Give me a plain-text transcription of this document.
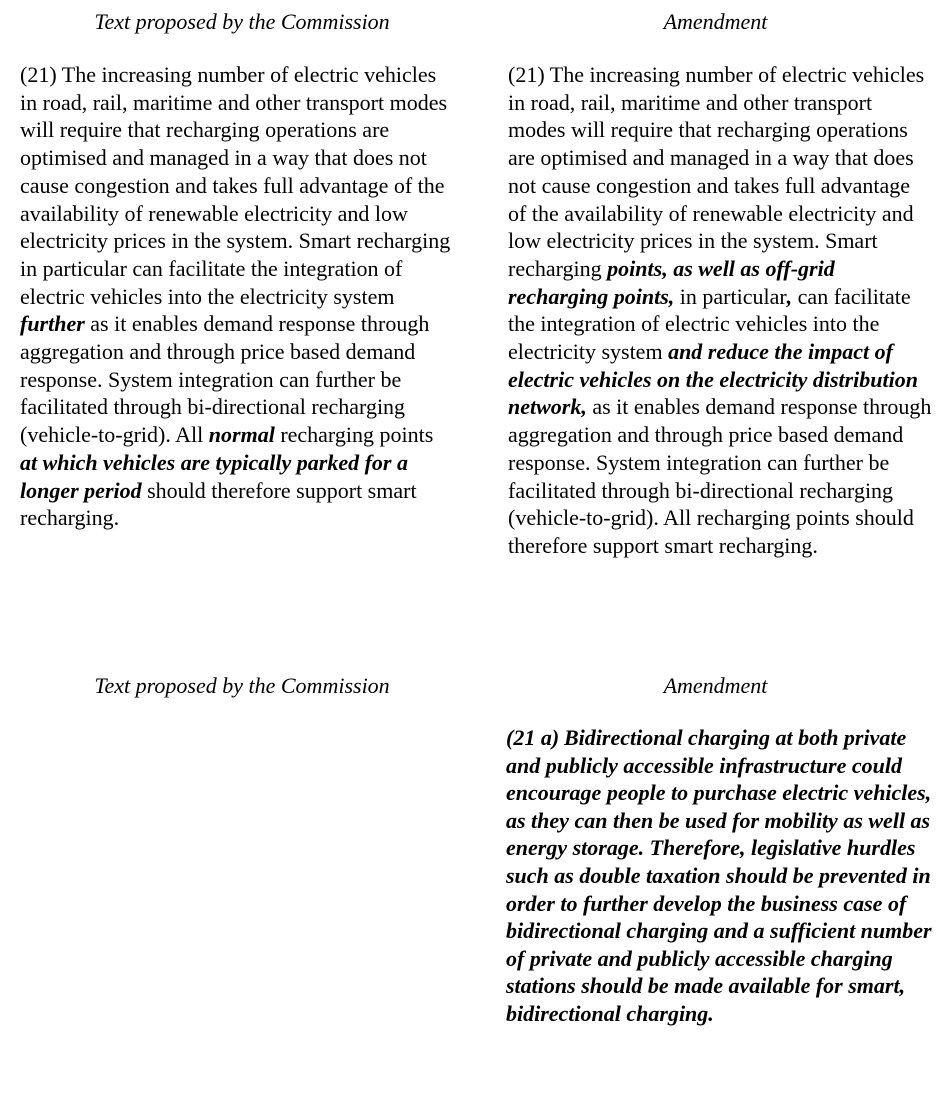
Text proposed by the Commission	Amendment

(21) The increasing number of electric vehicles in road, rail, maritime and other transport modes will require that recharging operations are optimised and managed in a way that does not cause congestion and takes full advantage of the availability of renewable electricity and low electricity prices in the system. Smart recharging in particular can facilitate the integration of electric vehicles into the electricity system further as it enables demand response through aggregation and through price based demand response. System integration can further be facilitated through bi-directional recharging (vehicle-to-grid). All normal recharging points at which vehicles are typically parked for a longer period should therefore support smart recharging.

(21) The increasing number of electric vehicles in road, rail, maritime and other transport modes will require that recharging operations are optimised and managed in a way that does not cause congestion and takes full advantage of the availability of renewable electricity and low electricity prices in the system. Smart recharging points, as well as off-grid recharging points, in particular, can facilitate the integration of electric vehicles into the electricity system and reduce the impact of electric vehicles on the electricity distribution network, as it enables demand response through aggregation and through price based demand response. System integration can further be facilitated through bi-directional recharging (vehicle-to-grid). All recharging points should therefore support smart recharging.

Text proposed by the Commission	Amendment

(21 a) Bidirectional charging at both private and publicly accessible infrastructure could encourage people to purchase electric vehicles, as they can then be used for mobility as well as energy storage. Therefore, legislative hurdles such as double taxation should be prevented in order to further develop the business case of bidirectional charging and a sufficient number of private and publicly accessible charging stations should be made available for smart, bidirectional charging.
